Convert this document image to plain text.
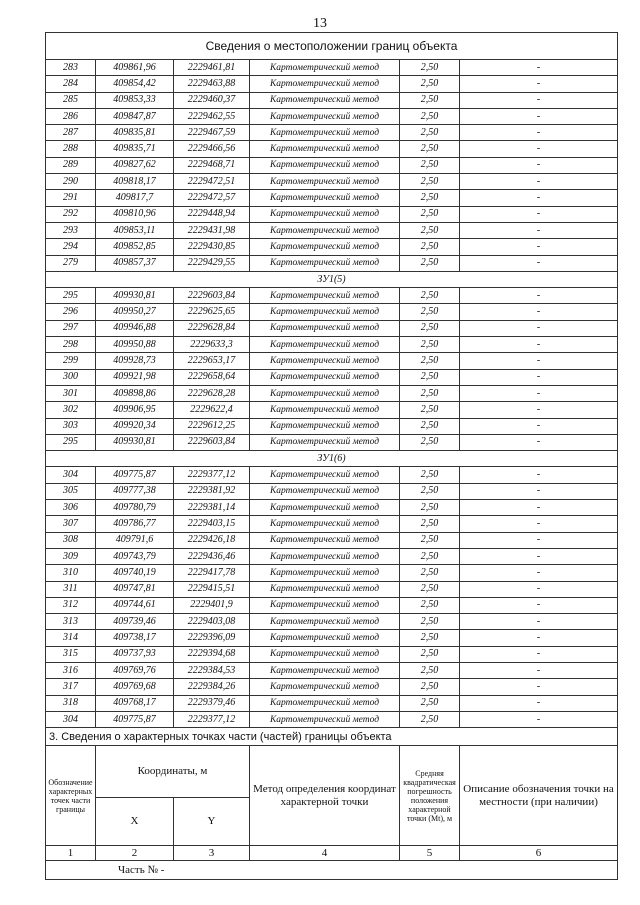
13
Сведения о местоположении границ объекта					
283	409861,96	2229461,81	Картометрический метод	2,50	-
284	409854,42	2229463,88	Картометрический метод	2,50	-
285	409853,33	2229460,37	Картометрический метод	2,50	-
286	409847,87	2229462,55	Картометрический метод	2,50	-
287	409835,81	2229467,59	Картометрический метод	2,50	-
288	409835,71	2229466,56	Картометрический метод	2,50	-
289	409827,62	2229468,71	Картометрический метод	2,50	-
290	409818,17	2229472,51	Картометрический метод	2,50	-
291	409817,7	2229472,57	Картометрический метод	2,50	-
292	409810,96	2229448,94	Картометрический метод	2,50	-
293	409853,11	2229431,98	Картометрический метод	2,50	-
294	409852,85	2229430,85	Картометрический метод	2,50	-
279	409857,37	2229429,55	Картометрический метод	2,50	-
ЗУ1(5)					
295	409930,81	2229603,84	Картометрический метод	2,50	-
296	409950,27	2229625,65	Картометрический метод	2,50	-
297	409946,88	2229628,84	Картометрический метод	2,50	-
298	409950,88	2229633,3	Картометрический метод	2,50	-
299	409928,73	2229653,17	Картометрический метод	2,50	-
300	409921,98	2229658,64	Картометрический метод	2,50	-
301	409898,86	2229628,28	Картометрический метод	2,50	-
302	409906,95	2229622,4	Картометрический метод	2,50	-
303	409920,34	2229612,25	Картометрический метод	2,50	-
295	409930,81	2229603,84	Картометрический метод	2,50	-
ЗУ1(6)					
304	409775,87	2229377,12	Картометрический метод	2,50	-
305	409777,38	2229381,92	Картометрический метод	2,50	-
306	409780,79	2229381,14	Картометрический метод	2,50	-
307	409786,77	2229403,15	Картометрический метод	2,50	-
308	409791,6	2229426,18	Картометрический метод	2,50	-
309	409743,79	2229436,46	Картометрический метод	2,50	-
310	409740,19	2229417,78	Картометрический метод	2,50	-
311	409747,81	2229415,51	Картометрический метод	2,50	-
312	409744,61	2229401,9	Картометрический метод	2,50	-
313	409739,46	2229403,08	Картометрический метод	2,50	-
314	409738,17	2229396,09	Картометрический метод	2,50	-
315	409737,93	2229394,68	Картометрический метод	2,50	-
316	409769,76	2229384,53	Картометрический метод	2,50	-
317	409769,68	2229384,26	Картометрический метод	2,50	-
318	409768,17	2229379,46	Картометрический метод	2,50	-
304	409775,87	2229377,12	Картометрический метод	2,50	-
3. Сведения о характерных точках части (частей) границы объекта					
Обозначение характерных точек части границы	Координаты, м		Метод определения координат характерной точки	Средняя квадратическая погрешность положения характерной точки (Мt), м	Описание обозначения точки на местности (при наличии)
	X	Y			
1	2	3	4	5	6
Часть № -					
